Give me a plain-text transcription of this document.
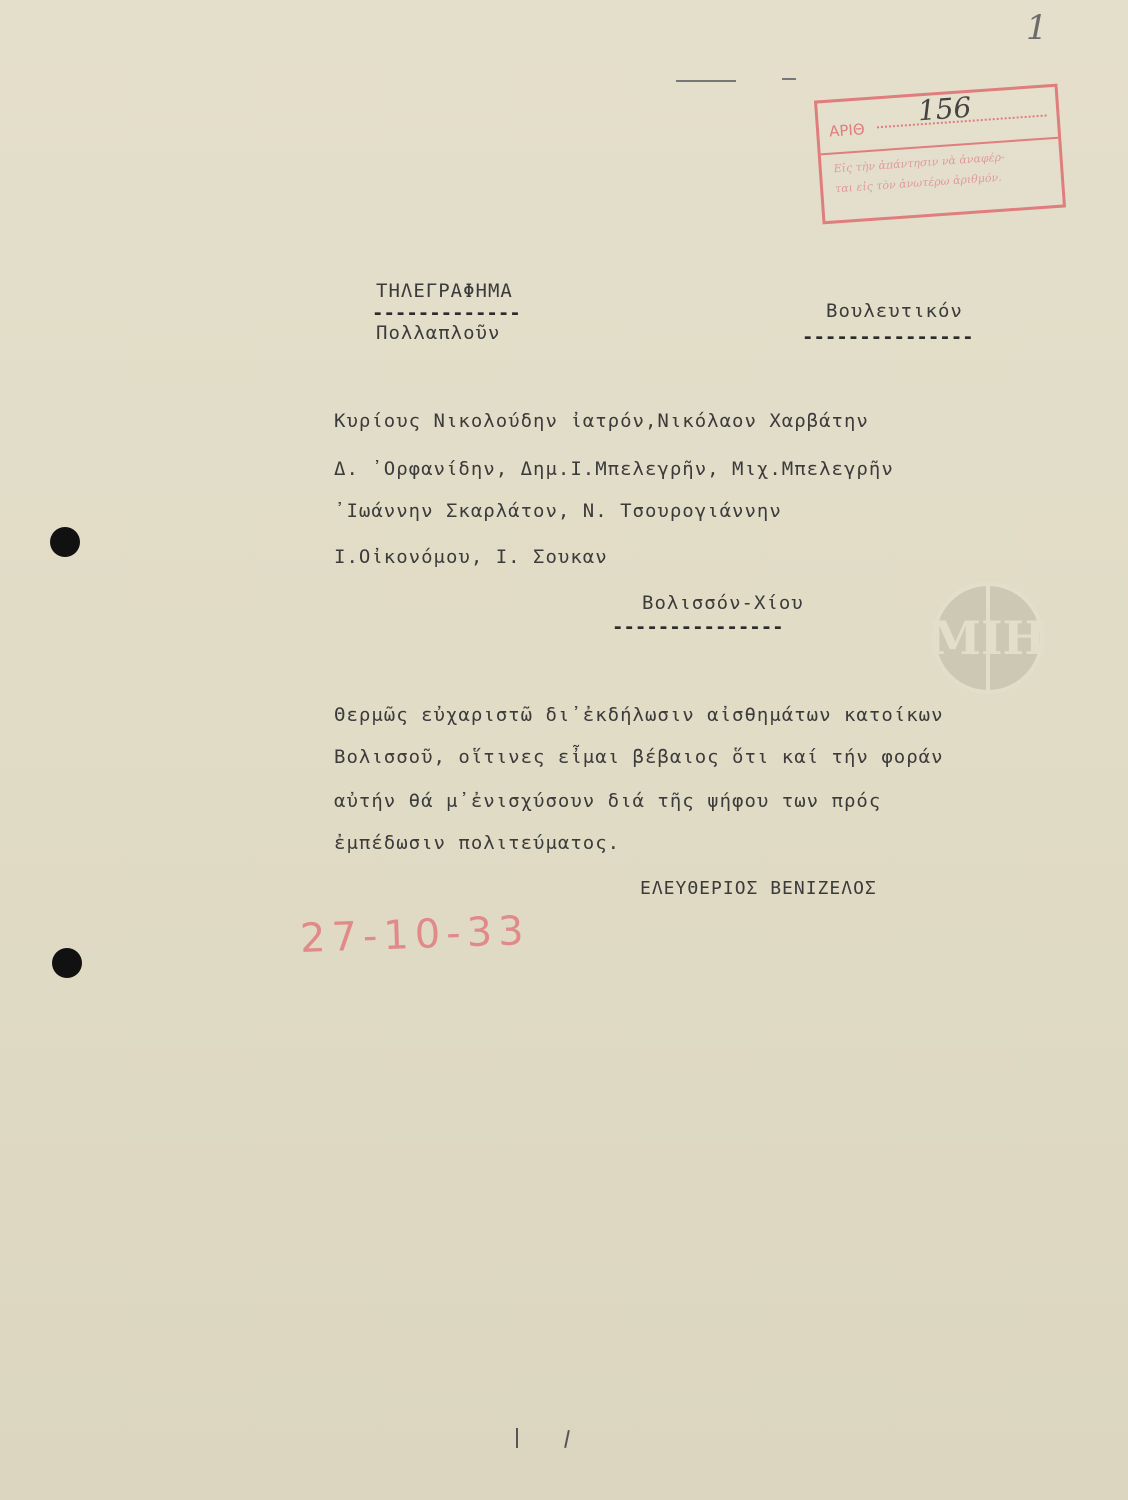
1
ΑΡΙΘ
156
Εἰς τὴν ἀπάντησιν νὰ ἀναφέρ-
ται εἰς τὸν ἀνωτέρω ἀριθμόν.
ΤΗΛΕΓΡΑΦΗΜΑ
-------------
Πολλαπλοῦν
Βουλευτικόν
---------------
Κυρίους Νικολούδην ἰατρόν,Νικόλαον Χαρβάτην
Δ. ᾽Ορφανίδην, Δημ.Ι.Μπελεγρῆν, Μιχ.Μπελεγρῆν
᾽Ιωάννην Σκαρλάτον, Ν. Τσουρογιάννην
Ι.Οἰκονόμου, Ι. Σουκαν
Βολισσόν-Χίου
---------------
Θερμῶς εὐχαριστῶ δι᾽ἐκδήλωσιν αἰσθημάτων κατοίκων
Βολισσοῦ, οἵτινες εἶμαι βέβαιος ὅτι καί τήν φοράν
αὐτήν θά μ᾽ἐνισχύσουν διά τῆς ψήφου των πρός
ἐμπέδωσιν πολιτεύματος.
ΕΛΕΥΘΕΡΙΟΣ ΒΕΝΙΖΕΛΟΣ
27-10-33
ΜΙΗ
